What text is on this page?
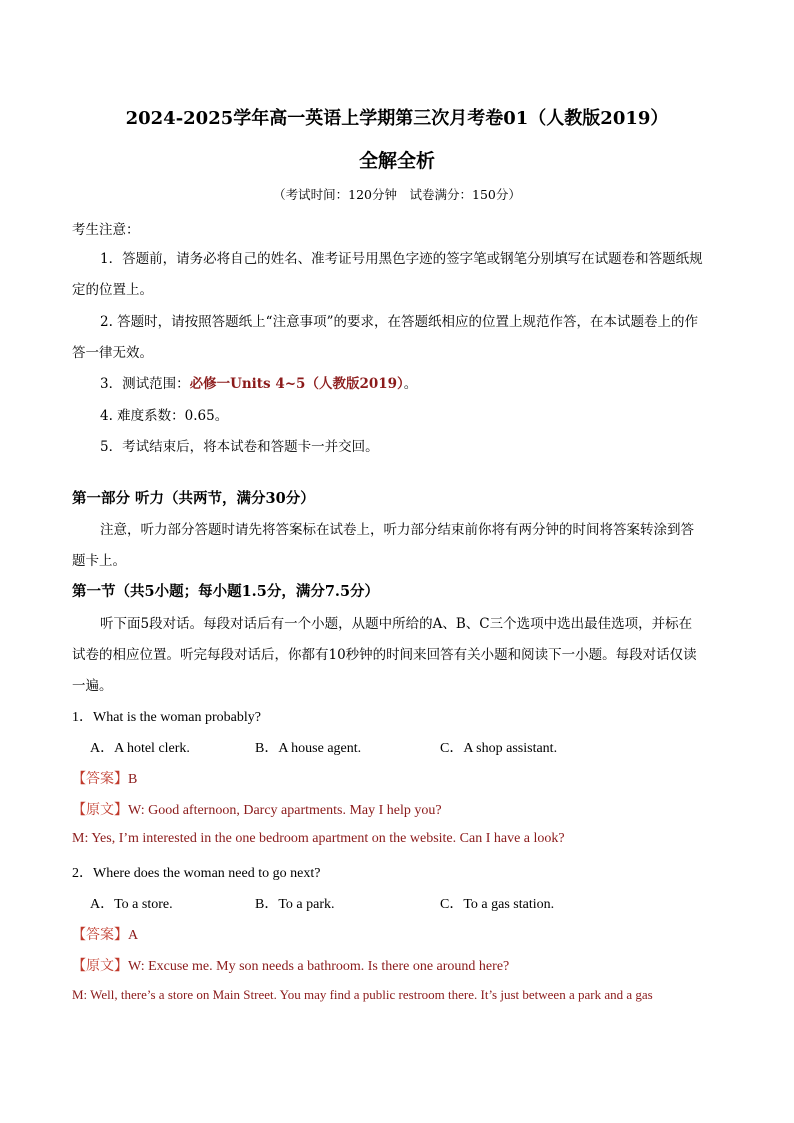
2024-2025学年高一英语上学期第三次月考卷01（人教版2019）
全解全析
（考试时间：120分钟　试卷满分：150分）
考生注意：
1．答题前，请务必将自己的姓名、准考证号用黑色字迹的签字笔或钢笔分别填写在试题卷和答题纸规
定的位置上。
2. 答题时，请按照答题纸上“注意事项”的要求，在答题纸相应的位置上规范作答，在本试题卷上的作
答一律无效。
3．测试范围：必修一Units 4~5（人教版2019）。
4. 难度系数：0.65。
5．考试结束后，将本试卷和答题卡一并交回。
第一部分 听力（共两节，满分30分）
注意，听力部分答题时请先将答案标在试卷上，听力部分结束前你将有两分钟的时间将答案转涂到答
题卡上。
第一节（共5小题；每小题1.5分，满分7.5分）
听下面5段对话。每段对话后有一个小题，从题中所给的A、B、C三个选项中选出最佳选项，并标在
试卷的相应位置。听完每段对话后，你都有10秒钟的时间来回答有关小题和阅读下一小题。每段对话仅读
一遍。
1．What is the woman probably?
A．A hotel clerk.	B．A house agent.	C．A shop assistant.
【答案】B
【原文】W: Good afternoon, Darcy apartments. May I help you?
M: Yes, I’m interested in the one bedroom apartment on the website. Can I have a look?
2．Where does the woman need to go next?
A．To a store.	B．To a park.	C．To a gas station.
【答案】A
【原文】W: Excuse me. My son needs a bathroom. Is there one around here?
M: Well, there’s a store on Main Street. You may find a public restroom there. It’s just between a park and a gas
